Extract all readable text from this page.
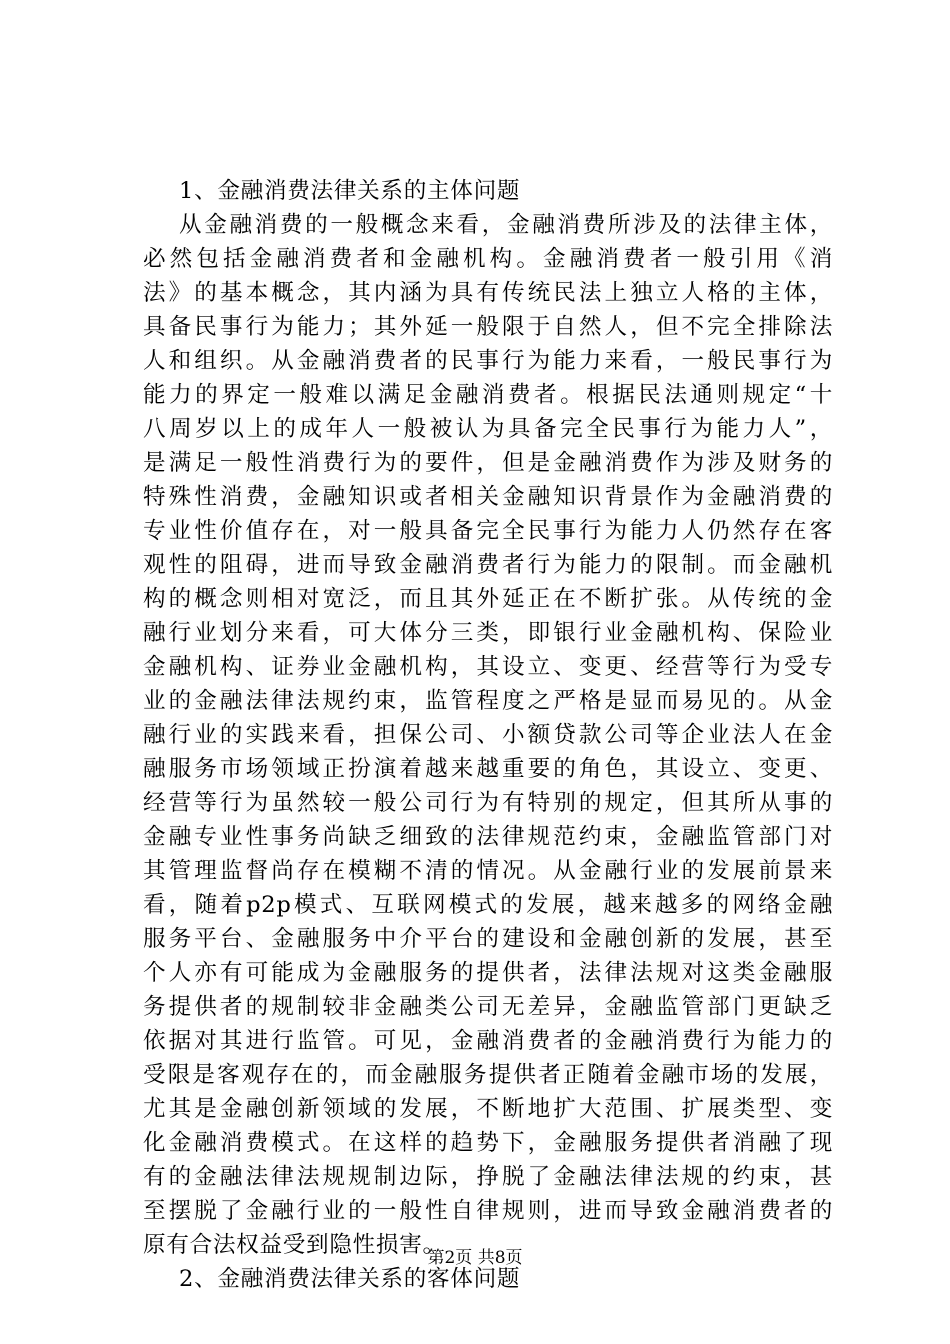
1、金融消费法律关系的主体问题
从金融消费的一般概念来看，金融消费所涉及的法律主体，
必然包括金融消费者和金融机构。金融消费者一般引用《消
法》的基本概念，其内涵为具有传统民法上独立人格的主体，
具备民事行为能力；其外延一般限于自然人，但不完全排除法
人和组织。从金融消费者的民事行为能力来看，一般民事行为
能力的界定一般难以满足金融消费者。根据民法通则规定“十
八周岁以上的成年人一般被认为具备完全民事行为能力人”，
是满足一般性消费行为的要件，但是金融消费作为涉及财务的
特殊性消费，金融知识或者相关金融知识背景作为金融消费的
专业性价值存在，对一般具备完全民事行为能力人仍然存在客
观性的阻碍，进而导致金融消费者行为能力的限制。而金融机
构的概念则相对宽泛，而且其外延正在不断扩张。从传统的金
融行业划分来看，可大体分三类，即银行业金融机构、保险业
金融机构、证券业金融机构，其设立、变更、经营等行为受专
业的金融法律法规约束，监管程度之严格是显而易见的。从金
融行业的实践来看，担保公司、小额贷款公司等企业法人在金
融服务市场领域正扮演着越来越重要的角色，其设立、变更、
经营等行为虽然较一般公司行为有特别的规定，但其所从事的
金融专业性事务尚缺乏细致的法律规范约束，金融监管部门对
其管理监督尚存在模糊不清的情况。从金融行业的发展前景来
看，随着p2p模式、互联网模式的发展，越来越多的网络金融
服务平台、金融服务中介平台的建设和金融创新的发展，甚至
个人亦有可能成为金融服务的提供者，法律法规对这类金融服
务提供者的规制较非金融类公司无差异，金融监管部门更缺乏
依据对其进行监管。可见，金融消费者的金融消费行为能力的
受限是客观存在的，而金融服务提供者正随着金融市场的发展，
尤其是金融创新领域的发展，不断地扩大范围、扩展类型、变
化金融消费模式。在这样的趋势下，金融服务提供者消融了现
有的金融法律法规规制边际，挣脱了金融法律法规的约束，甚
至摆脱了金融行业的一般性自律规则，进而导致金融消费者的
原有合法权益受到隐性损害。
2、金融消费法律关系的客体问题
第2页 共8页
